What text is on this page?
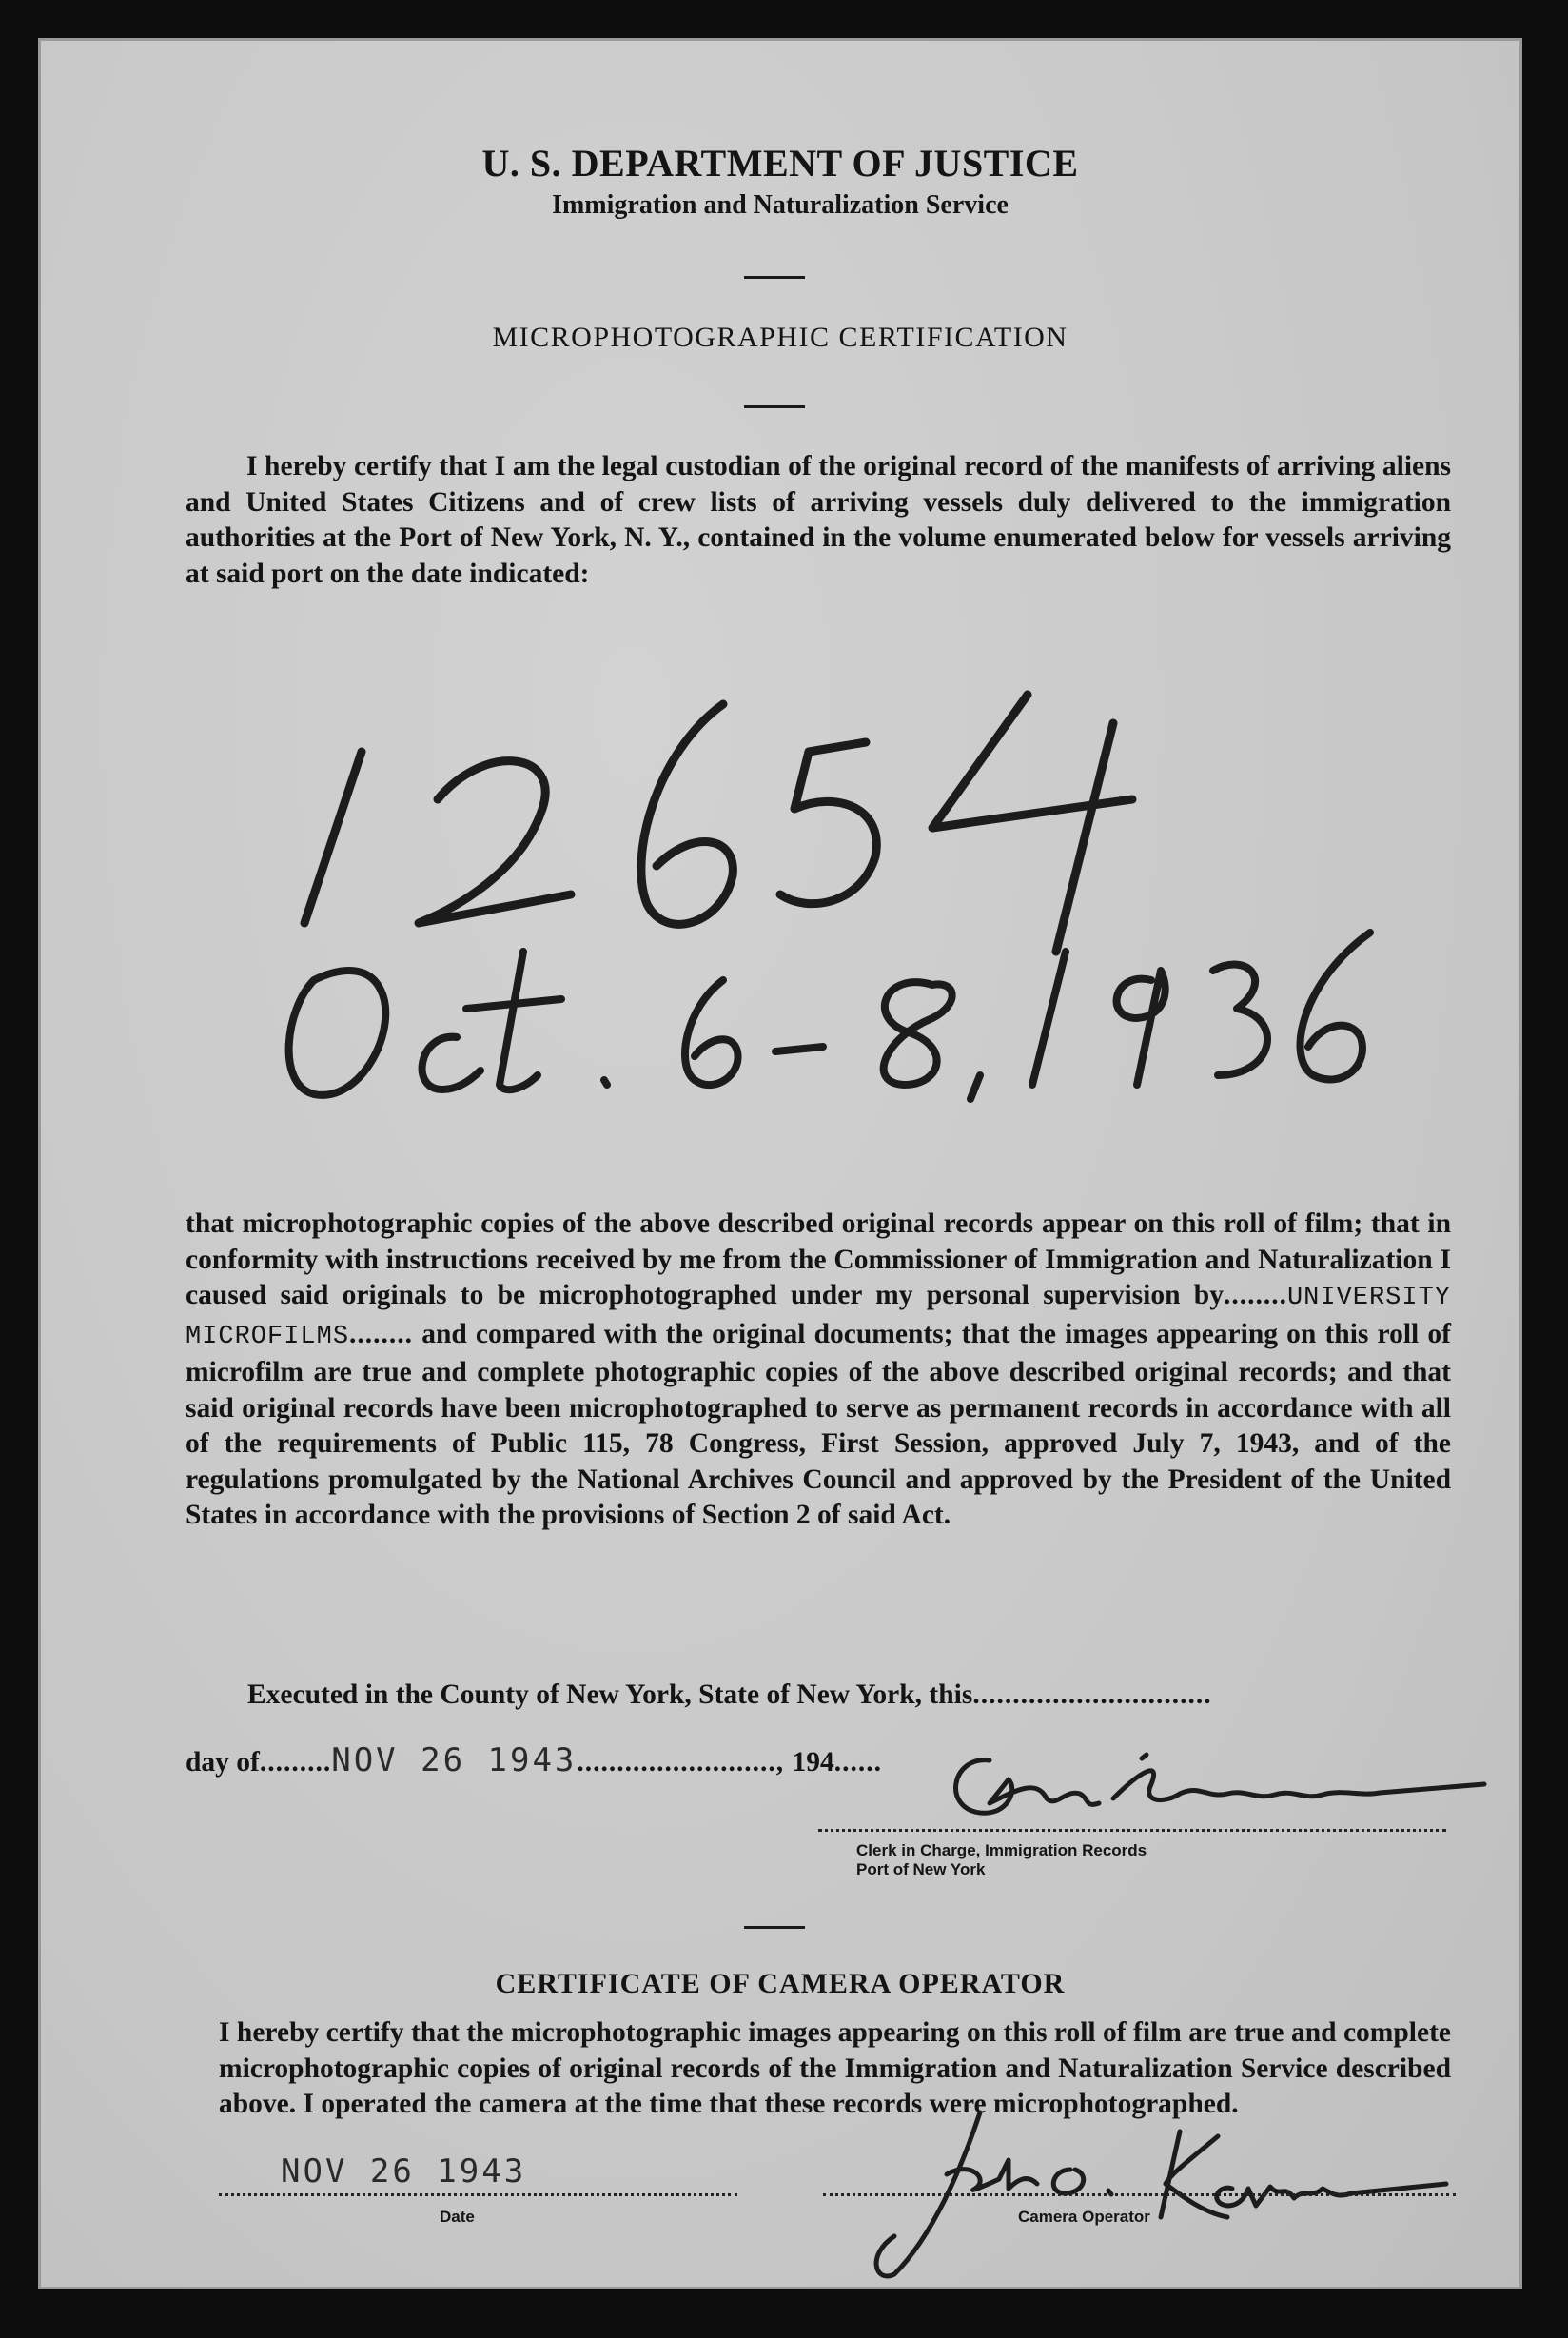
U. S. DEPARTMENT OF JUSTICE
Immigration and Naturalization Service
MICROPHOTOGRAPHIC CERTIFICATION

I hereby certify that I am the legal custodian of the original record of the manifests of arriving aliens and United States Citizens and of crew lists of arriving vessels duly delivered to the immigration authorities at the Port of New York, N. Y., contained in the volume enumerated below for vessels arriving at said port on the date indicated:

that microphotographic copies of the above described original records appear on this roll of film; that in conformity with instructions received by me from the Commissioner of Immigration and Naturalization I caused said originals to be microphotographed under my personal supervision by........UNIVERSITY MICROFILMS........ and compared with the original documents; that the images appearing on this roll of microfilm are true and complete photographic copies of the above described original records; and that said original records have been microphotographed to serve as permanent records in accordance with all of the requirements of Public 115, 78 Congress, First Session, approved July 7, 1943, and of the regulations promulgated by the National Archives Council and approved by the President of the United States in accordance with the provisions of Section 2 of said Act.

Executed in the County of New York, State of New York, this..............................
day of.........NOV 26 1943........................., 194......
Clerk in Charge, Immigration Records
Port of New York
CERTIFICATE OF CAMERA OPERATOR

I hereby certify that the microphotographic images appearing on this roll of film are true and complete microphotographic copies of original records of the Immigration and Naturalization Service described above. I operated the camera at the time that these records were microphotographed.

NOV 26 1943
Date	Camera Operator
